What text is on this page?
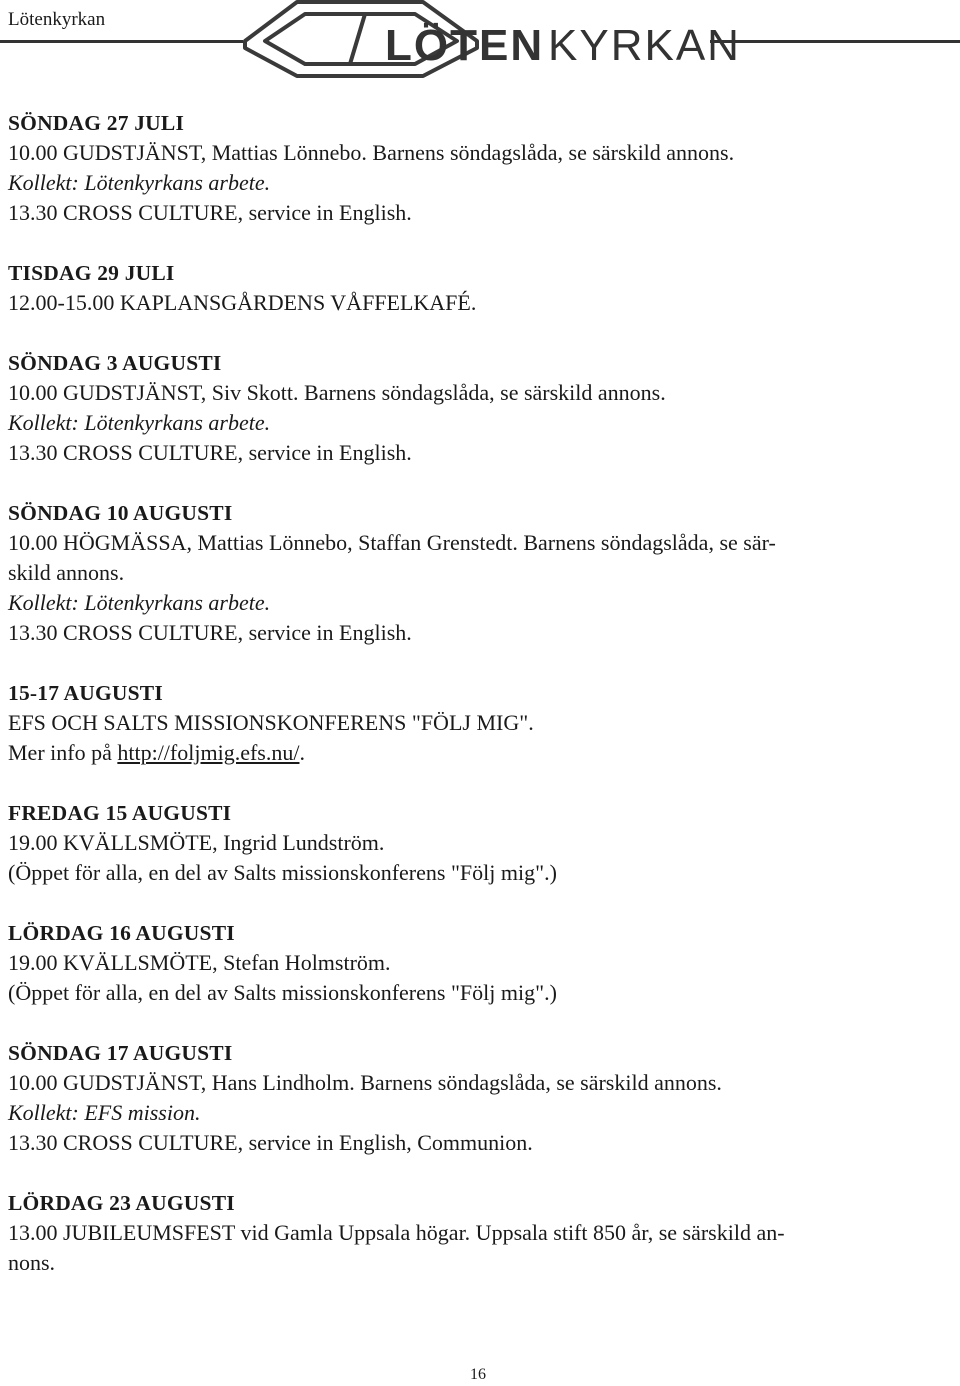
Lötenkyrkan
LÖTEN KYRKAN
SÖNDAG 27 JULI
10.00 GUDSTJÄNST, Mattias Lönnebo. Barnens söndagslåda, se särskild annons.
Kollekt: Lötenkyrkans arbete.
13.30 CROSS CULTURE, service in English.
TISDAG 29 JULI
12.00-15.00 KAPLANSGÅRDENS VÅFFELKAFÉ.
SÖNDAG 3 AUGUSTI
10.00 GUDSTJÄNST, Siv Skott. Barnens söndagslåda, se särskild annons.
Kollekt: Lötenkyrkans arbete.
13.30 CROSS CULTURE, service in English.
SÖNDAG 10 AUGUSTI
10.00 HÖGMÄSSA, Mattias Lönnebo, Staffan Grenstedt. Barnens söndagslåda, se sär-
skild annons.
Kollekt: Lötenkyrkans arbete.
13.30 CROSS CULTURE, service in English.
15-17 AUGUSTI
EFS OCH SALTS MISSIONSKONFERENS "FÖLJ MIG".
Mer info på http://foljmig.efs.nu/.
FREDAG 15 AUGUSTI
19.00 KVÄLLSMÖTE, Ingrid Lundström.
(Öppet för alla, en del av Salts missionskonferens "Följ mig".)
LÖRDAG 16 AUGUSTI
19.00 KVÄLLSMÖTE, Stefan Holmström.
(Öppet för alla, en del av Salts missionskonferens "Följ mig".)
SÖNDAG 17 AUGUSTI
10.00 GUDSTJÄNST, Hans Lindholm. Barnens söndagslåda, se särskild annons.
Kollekt: EFS mission.
13.30 CROSS CULTURE, service in English, Communion.
LÖRDAG 23 AUGUSTI
13.00 JUBILEUMSFEST vid Gamla Uppsala högar. Uppsala stift 850 år, se särskild an-
nons.
16
